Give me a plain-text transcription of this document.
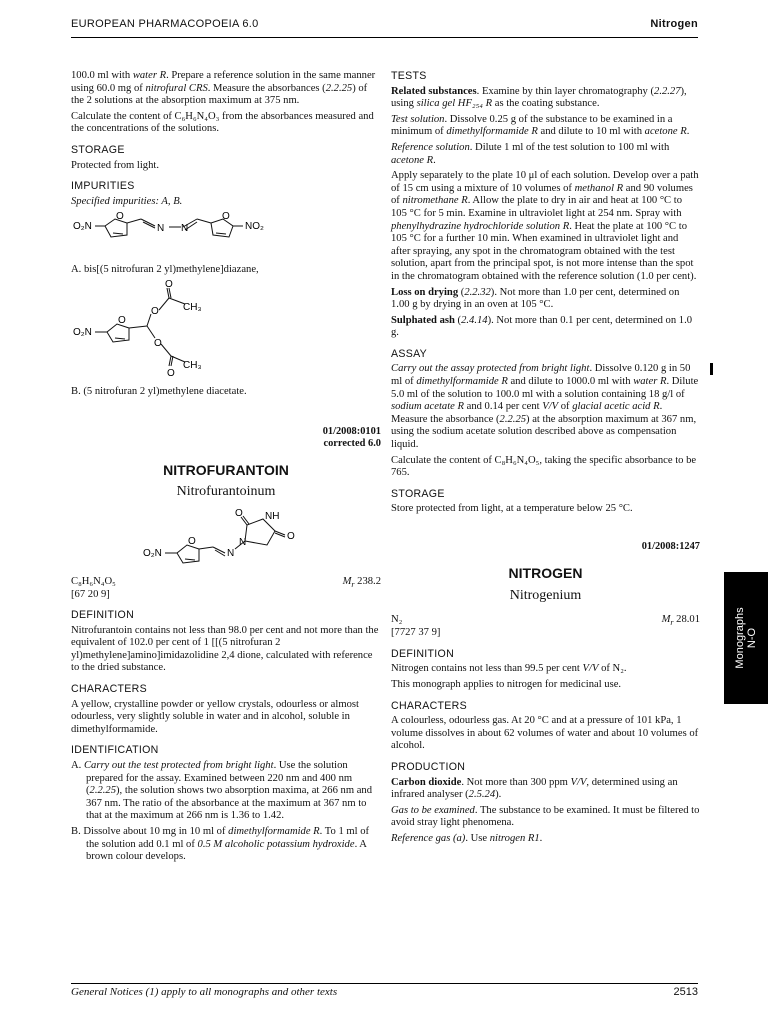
EUROPEAN PHARMACOPOEIA 6.0	Nitrogen

100.0 ml with water R. Prepare a reference solution in the same manner using 60.0 mg of nitrofural CRS. Measure the absorbances (2.2.25) of the 2 solutions at the absorption maximum at 375 nm.

Calculate the content of C₆H₆N₄O₃ from the absorbances measured and the concentrations of the solutions.

STORAGE

Protected from light.

IMPURITIES

Specified impurities: A, B.

O₂N
O
N N
O
NO₂

A. bis[(5 nitrofuran 2 yl)methylene]diazane,

O₂N
O
O
O
CH₃
O
O
CH₃

B. (5 nitrofuran 2 yl)methylene diacetate.

01/2008:0101
corrected 6.0
NITROFURANTOIN
Nitrofurantoinum
O₂N
O
N
N
O NH
O
C₈H₆N₄O₅	$M_r$ 238.2

[67 20 9]

DEFINITION

Nitrofurantoin contains not less than 98.0 per cent and not more than the equivalent of 102.0 per cent of 1 [[(5 nitrofuran 2 yl)methylene]amino]imidazolidine 2,4 dione, calculated with reference to the dried substance.

CHARACTERS

A yellow, crystalline powder or yellow crystals, odourless or almost odourless, very slightly soluble in water and in alcohol, soluble in dimethylformamide.

IDENTIFICATION

A. Carry out the test protected from bright light. Use the solution prepared for the assay. Examined between 220 nm and 400 nm (2.2.25), the solution shows two absorption maxima, at 266 nm and 367 nm. The ratio of the absorbance at the maximum at 367 nm to that at the maximum at 266 nm is 1.36 to 1.42.

B. Dissolve about 10 mg in 10 ml of dimethylformamide R. To 1 ml of the solution add 0.1 ml of 0.5 M alcoholic potassium hydroxide. A brown colour develops.

TESTS

Related substances. Examine by thin layer chromatography (2.2.27), using silica gel HF₂₅₄ R as the coating substance.

Test solution. Dissolve 0.25 g of the substance to be examined in a minimum of dimethylformamide R and dilute to 10 ml with acetone R.

Reference solution. Dilute 1 ml of the test solution to 100 ml with acetone R.

Apply separately to the plate 10 μl of each solution. Develop over a path of 15 cm using a mixture of 10 volumes of methanol R and 90 volumes of nitromethane R. Allow the plate to dry in air and heat at 100 °C to 105 °C for 5 min. Examine in ultraviolet light at 254 nm. Spray with phenylhydrazine hydrochloride solution R. Heat the plate at 100 °C to 105 °C for a further 10 min. When examined in ultraviolet light and after spraying, any spot in the chromatogram obtained with the test solution, apart from the principal spot, is not more intense than the spot in the chromatogram obtained with the reference solution (1.0 per cent).

Loss on drying (2.2.32). Not more than 1.0 per cent, determined on 1.00 g by drying in an oven at 105 °C.

Sulphated ash (2.4.14). Not more than 0.1 per cent, determined on 1.0 g.

ASSAY

Carry out the assay protected from bright light. Dissolve 0.120 g in 50 ml of dimethylformamide R and dilute to 1000.0 ml with water R. Dilute 5.0 ml of the solution to 100.0 ml with a solution containing 18 g/l of sodium acetate R and 0.14 per cent V/V of glacial acetic acid R. Measure the absorbance (2.2.25) at the absorption maximum at 367 nm, using the sodium acetate solution described above as compensation liquid.

Calculate the content of C₈H₆N₄O₅, taking the specific absorbance to be 765.

STORAGE

Store protected from light, at a temperature below 25 °C.

01/2008:1247
NITROGEN
Nitrogenium
N₂	$M_r$ 28.01

[7727 37 9]

DEFINITION

Nitrogen contains not less than 99.5 per cent V/V of N₂.

This monograph applies to nitrogen for medicinal use.

CHARACTERS

A colourless, odourless gas. At 20 °C and at a pressure of 101 kPa, 1 volume dissolves in about 62 volumes of water and about 10 volumes of alcohol.

PRODUCTION

Carbon dioxide. Not more than 300 ppm V/V, determined using an infrared analyser (2.5.24).

Gas to be examined. The substance to be examined. It must be filtered to avoid stray light phenomena.

Reference gas (a). Use nitrogen R1.

Monographs N-O
General Notices (1) apply to all monographs and other texts	2513
